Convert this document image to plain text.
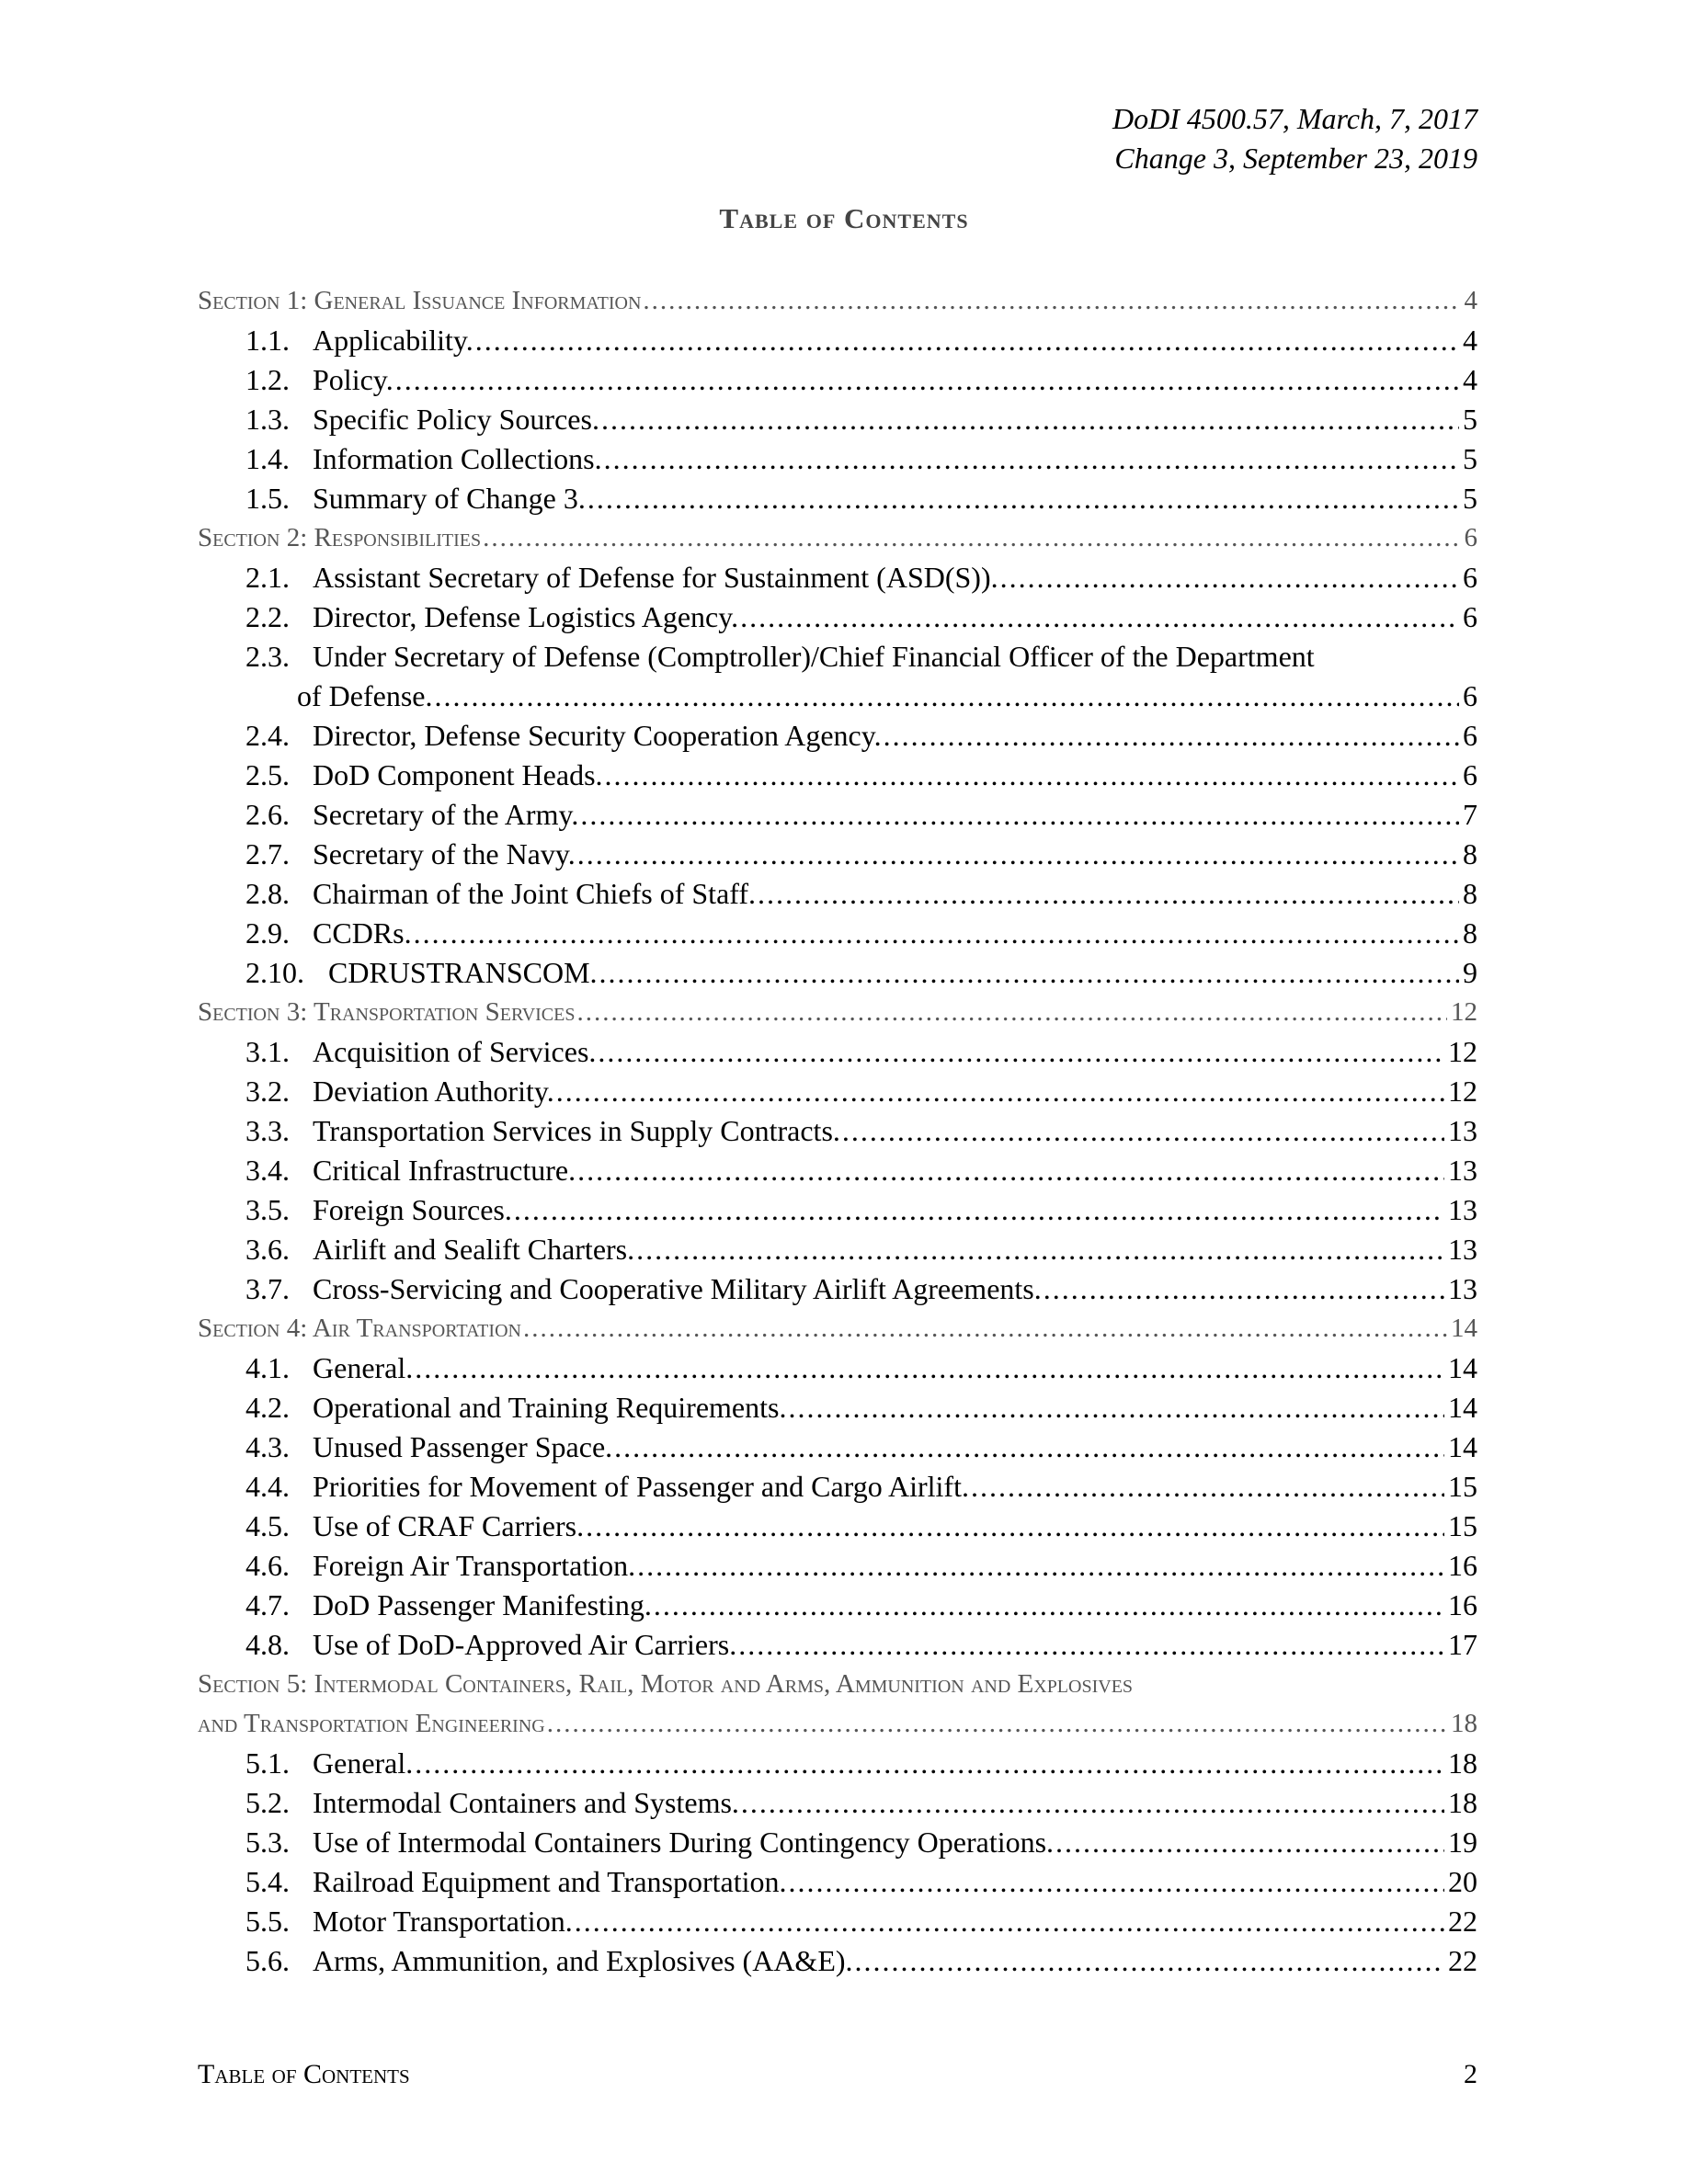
DoDI 4500.57, March, 7, 2017
Change 3, September 23, 2019
Table of Contents
Section 1: General Issuance Information .....	4
1.1. Applicability. .....	4
1.2. Policy. .....	4
1.3. Specific Policy Sources. .....	5
1.4. Information Collections. .....	5
1.5. Summary of Change 3. .....	5
Section 2: Responsibilities .....	6
2.1. Assistant Secretary of Defense for Sustainment (ASD(S)). .....	6
2.2. Director, Defense Logistics Agency. .....	6
2.3. Under Secretary of Defense (Comptroller)/Chief Financial Officer of the Department
of Defense. .....	6
2.4. Director, Defense Security Cooperation Agency. .....	6
2.5. DoD Component Heads. .....	6
2.6. Secretary of the Army. .....	7
2.7. Secretary of the Navy. .....	8
2.8. Chairman of the Joint Chiefs of Staff. .....	8
2.9. CCDRs. .....	8
2.10. CDRUSTRANSCOM. .....	9
Section 3: Transportation Services .....	12
3.1. Acquisition of Services. .....	12
3.2. Deviation Authority. .....	12
3.3. Transportation Services in Supply Contracts. .....	13
3.4. Critical Infrastructure. .....	13
3.5. Foreign Sources. .....	13
3.6. Airlift and Sealift Charters. .....	13
3.7. Cross-Servicing and Cooperative Military Airlift Agreements. .....	13
Section 4: Air Transportation .....	14
4.1. General. .....	14
4.2. Operational and Training Requirements. .....	14
4.3. Unused Passenger Space. .....	14
4.4. Priorities for Movement of Passenger and Cargo Airlift. .....	15
4.5. Use of CRAF Carriers. .....	15
4.6. Foreign Air Transportation. .....	16
4.7. DoD Passenger Manifesting. .....	16
4.8. Use of DoD-Approved Air Carriers. .....	17
Section 5: Intermodal Containers, Rail, Motor and Arms, Ammunition and Explosives
and Transportation Engineering .....	18
5.1. General. .....	18
5.2. Intermodal Containers and Systems. .....	18
5.3. Use of Intermodal Containers During Contingency Operations. .....	19
5.4. Railroad Equipment and Transportation. .....	20
5.5. Motor Transportation. .....	22
5.6. Arms, Ammunition, and Explosives (AA&E). .....	22
Table of Contents	2
